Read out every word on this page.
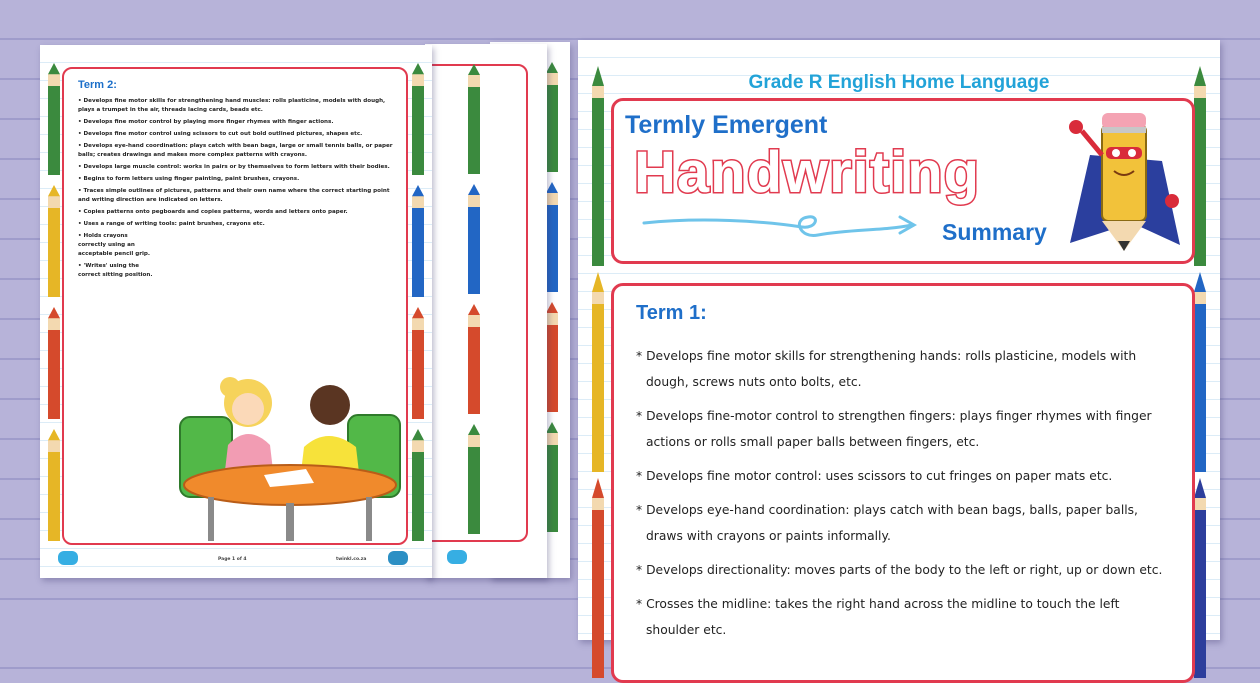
Term 2:
• Develops fine motor skills for strengthening hand muscles: rolls plasticine, models with dough, plays a trumpet in the air, threads lacing cards, beads etc.
• Develops fine motor control by playing more finger rhymes with finger actions.
• Develops fine motor control using scissors to cut out bold outlined pictures, shapes etc.
• Develops eye-hand coordination: plays catch with bean bags, large or small tennis balls, or paper balls; creates drawings and makes more complex patterns with crayons.
• Develops large muscle control: works in pairs or by themselves to form letters with their bodies.
• Begins to form letters using finger painting, paint brushes, crayons.
• Traces simple outlines of pictures, patterns and their own name where the correct starting point and writing direction are indicated on letters.
• Copies patterns onto pegboards and copies patterns, words and letters onto paper.
• Uses a range of writing tools: paint brushes, crayons etc.
• Holds crayons correctly using an acceptable pencil grip.
• 'Writes' using the correct sitting position.
Page 1 of 4	twinkl.co.za
Grade R English Home Language
Termly Emergent
Handwriting
Summary
Term 1:
* Develops fine motor skills for strengthening hands: rolls plasticine, models with dough, screws nuts onto bolts, etc.
* Develops fine-motor control to strengthen fingers: plays finger rhymes with finger actions or rolls small paper balls between fingers, etc.
* Develops fine motor control: uses scissors to cut fringes on paper mats etc.
* Develops eye-hand coordination: plays catch with bean bags, balls, paper balls, draws with crayons or paints informally.
* Develops directionality: moves parts of the body to the left or right, up or down etc.
* Crosses the midline: takes the right hand across the midline to touch the left shoulder etc.
